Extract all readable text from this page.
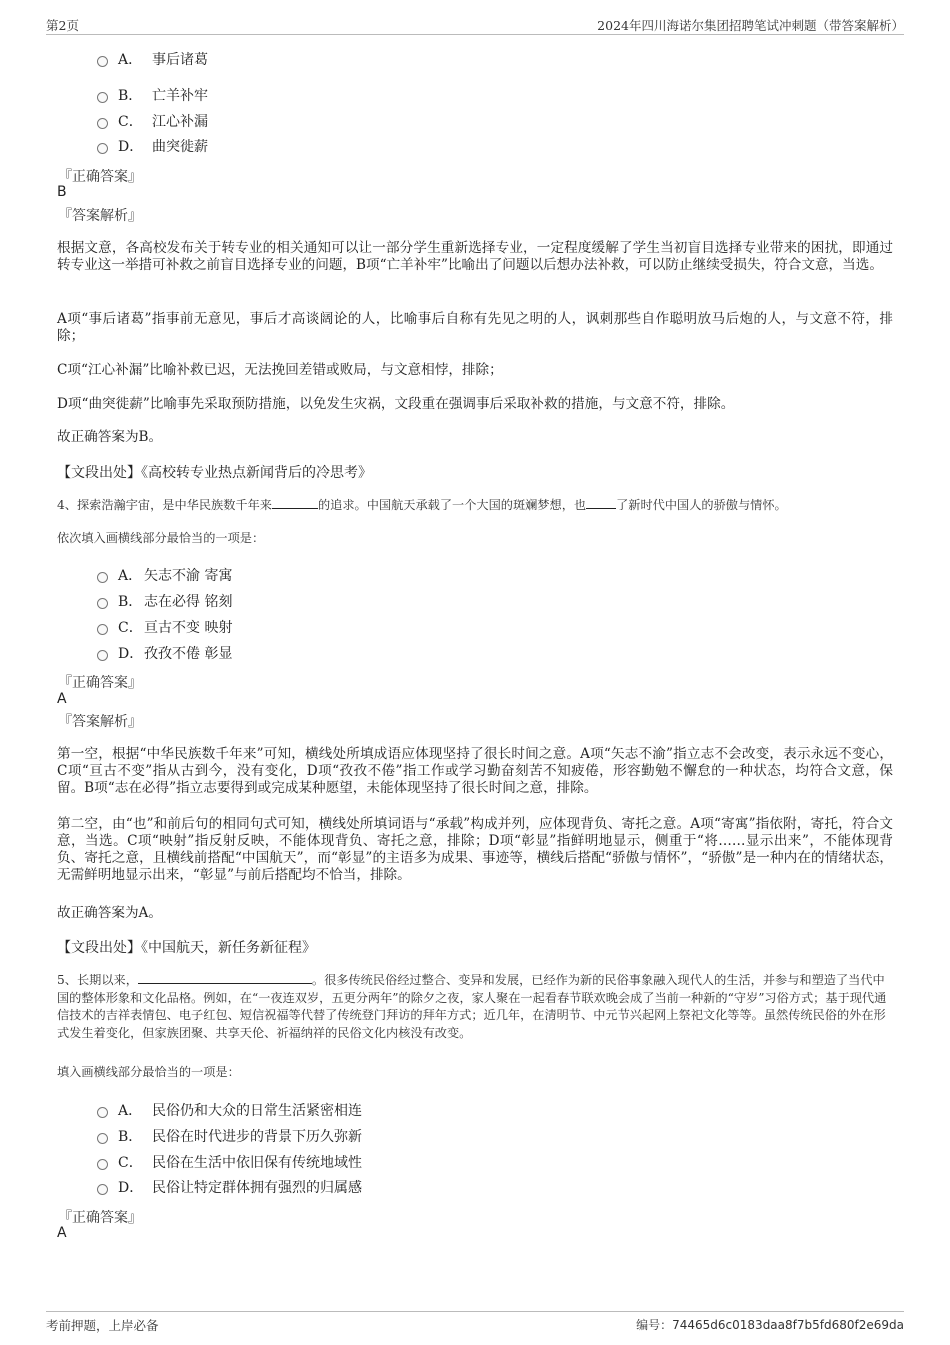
第2页	2024年四川海诺尔集团招聘笔试冲刺题（带答案解析）
A． 事后诸葛
B． 亡羊补牢
C． 江心补漏
D． 曲突徙薪
『正确答案』
B
『答案解析』
根据文意，各高校发布关于转专业的相关通知可以让一部分学生重新选择专业，一定程度缓解了学生当初盲目选择专业带来的困扰，即通过转专业这一举措可补救之前盲目选择专业的问题，B项“亡羊补牢”比喻出了问题以后想办法补救，可以防止继续受损失，符合文意，当选。
A项“事后诸葛”指事前无意见，事后才高谈阔论的人，比喻事后自称有先见之明的人，讽刺那些自作聪明放马后炮的人，与文意不符，排除；
C项“江心补漏”比喻补救已迟，无法挽回差错或败局，与文意相悖，排除；
D项“曲突徙薪”比喻事先采取预防措施，以免发生灾祸，文段重在强调事后采取补救的措施，与文意不符，排除。
故正确答案为B。
【文段出处】《高校转专业热点新闻背后的冷思考》
4、探索浩瀚宇宙，是中华民族数千年来	的追求。中国航天承载了一个大国的斑斓梦想，也 了新时代中国人的骄傲与情怀。
依次填入画横线部分最恰当的一项是：
A． 矢志不渝 寄寓
B． 志在必得 铭刻
C． 亘古不变 映射
D． 孜孜不倦 彰显
『正确答案』
A
『答案解析』
第一空，根据“中华民族数千年来”可知，横线处所填成语应体现坚持了很长时间之意。A项“矢志不渝”指立志不会改变，表示永远不变心，C项“亘古不变”指从古到今，没有变化，D项“孜孜不倦”指工作或学习勤奋刻苦不知疲倦，形容勤勉不懈怠的一种状态，均符合文意，保留。B项“志在必得”指立志要得到或完成某种愿望，未能体现坚持了很长时间之意，排除。
第二空，由“也”和前后句的相同句式可知，横线处所填词语与“承载”构成并列，应体现背负、寄托之意。A项“寄寓”指依附，寄托，符合文意，当选。C项“映射”指反射反映，不能体现背负、寄托之意，排除；D项“彰显”指鲜明地显示，侧重于“将……显示出来”，不能体现背负、寄托之意，且横线前搭配“中国航天”，而“彰显”的主语多为成果、事迹等，横线后搭配“骄傲与情怀”，“骄傲”是一种内在的情绪状态，无需鲜明地显示出来，“彰显”与前后搭配均不恰当，排除。
故正确答案为A。
【文段出处】《中国航天，新任务新征程》
5、长期以来，	。很多传统民俗经过整合、变异和发展，已经作为新的民俗事象融入现代人的生活，并参与和塑造了当代中国的整体形象和文化品格。例如，在“一夜连双岁，五更分两年”的除夕之夜，家人聚在一起看春节联欢晚会成了当前一种新的“守岁”习俗方式；基于现代通信技术的吉祥表情包、电子红包、短信祝福等代替了传统登门拜访的拜年方式；近几年，在清明节、中元节兴起网上祭祀文化等等。虽然传统民俗的外在形式发生着变化，但家族团聚、共享天伦、祈福纳祥的民俗文化内核没有改变。
填入画横线部分最恰当的一项是：
A． 民俗仍和大众的日常生活紧密相连
B． 民俗在时代进步的背景下历久弥新
C． 民俗在生活中依旧保有传统地域性
D． 民俗让特定群体拥有强烈的归属感
『正确答案』
A
考前押题，上岸必备	编号：74465d6c0183daa8f7b5fd680f2e69da
